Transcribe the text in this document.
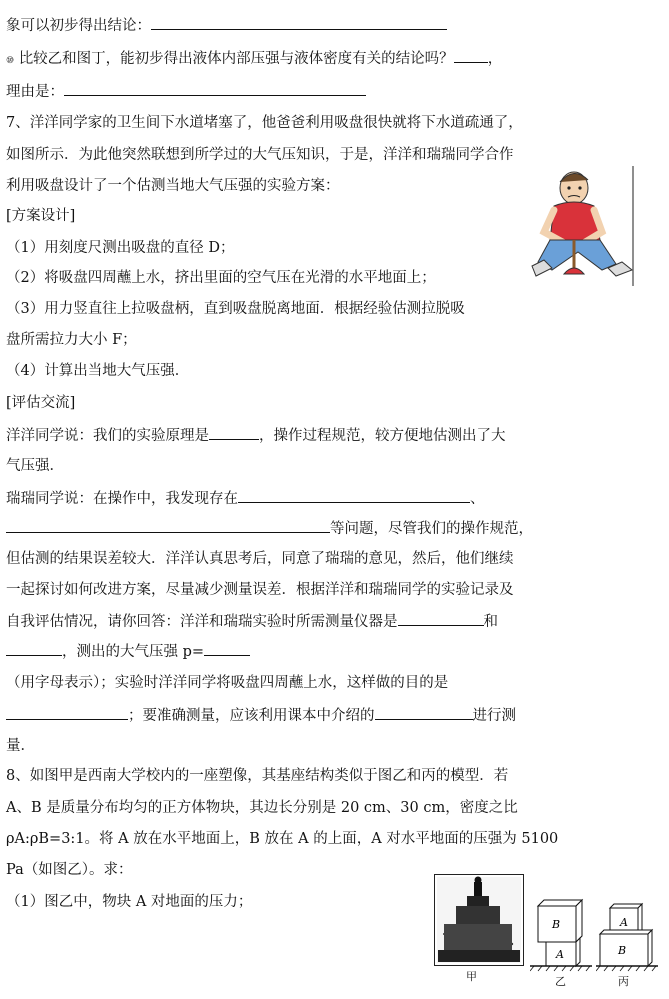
象可以初步得出结论：
⑩ 比较乙和图丁，能初步得出液体内部压强与液体密度有关的结论吗？ ，
理由是：
7、洋洋同学家的卫生间下水道堵塞了，他爸爸利用吸盘很快就将下水道疏通了，
如图所示．为此他突然联想到所学过的大气压知识，于是，洋洋和瑞瑞同学合作
利用吸盘设计了一个估测当地大气压强的实验方案：
[方案设计]
（1）用刻度尺测出吸盘的直径 D；
（2）将吸盘四周蘸上水，挤出里面的空气压在光滑的水平地面上；
（3）用力竖直往上拉吸盘柄，直到吸盘脱离地面．根据经验估测拉脱吸
盘所需拉力大小 F；
（4）计算出当地大气压强．
[评估交流]
洋洋同学说：我们的实验原理是	，操作过程规范，较方便地估测出了大
气压强．
瑞瑞同学说：在操作中，我发现存在	、
等问题，尽管我们的操作规范，
但估测的结果误差较大．洋洋认真思考后，同意了瑞瑞的意见，然后，他们继续
一起探讨如何改进方案，尽量减少测量误差．根据洋洋和瑞瑞同学的实验记录及
自我评估情况，请你回答：洋洋和瑞瑞实验时所需测量仪器是	和
，测出的大气压强 p=
（用字母表示）；实验时洋洋同学将吸盘四周蘸上水，这样做的目的是
；要准确测量，应该利用课本中介绍的	进行测
量．
8、如图甲是西南大学校内的一座塑像，其基座结构类似于图乙和丙的模型．若
A、B 是质量分布均匀的正方体物块，其边长分别是 20 cm、30 cm，密度之比
ρA:ρB=3:1。将 A 放在水平地面上，B 放在 A 的上面，A 对水平地面的压强为 5100
Pa（如图乙）。求：
（1）图乙中，物块 A 对地面的压力；
甲
B
A
乙
A
B
丙
